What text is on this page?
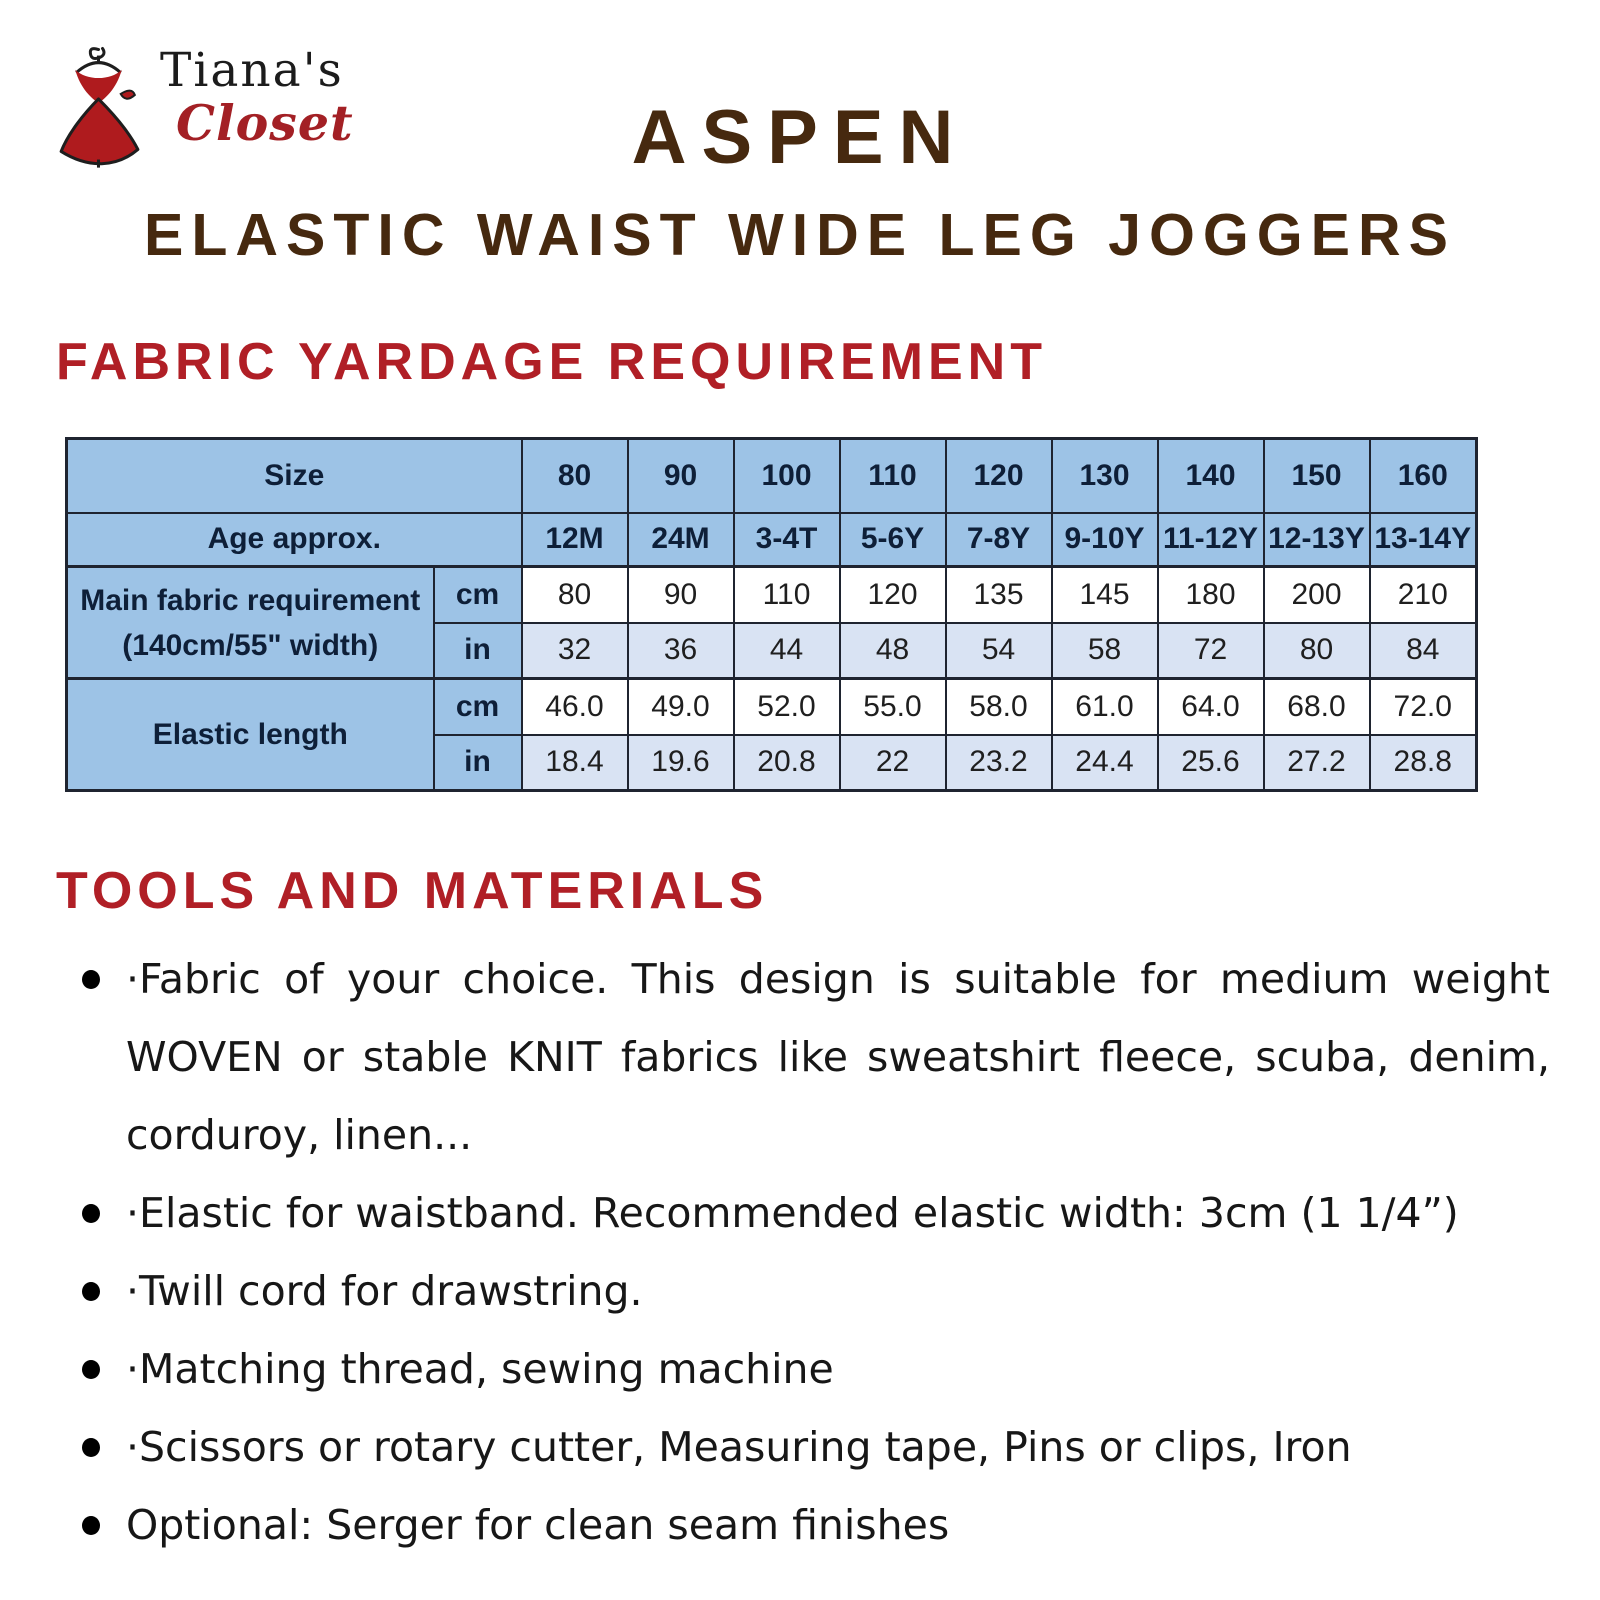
Tiana's
Closet	ASPEN
ELASTIC WAIST WIDE LEG JOGGERS
FABRIC YARDAGE REQUIREMENT
Size		80	90	100	110	120	130	140	150	160
Age approx.		12M	24M	3-4T	5-6Y	7-8Y	9-10Y	11-12Y	12-13Y	13-14Y
Main fabric requirement
(140cm/55" width)	cm	80	90	110	120	135	145	180	200	210
	in	32	36	44	48	54	58	72	80	84
Elastic length	cm	46.0	49.0	52.0	55.0	58.0	61.0	64.0	68.0	72.0
	in	18.4	19.6	20.8	22	23.2	24.4	25.6	27.2	28.8
TOOLS AND MATERIALS
·Fabric of your choice. This design is suitable for medium weight WOVEN or stable KNIT fabrics like sweatshirt fleece, scuba, denim, corduroy, linen...
·Elastic for waistband. Recommended elastic width: 3cm (1 1/4”)
·Twill cord for drawstring.
·Matching thread, sewing machine
·Scissors or rotary cutter, Measuring tape, Pins or clips, Iron
Optional: Serger for clean seam finishes
